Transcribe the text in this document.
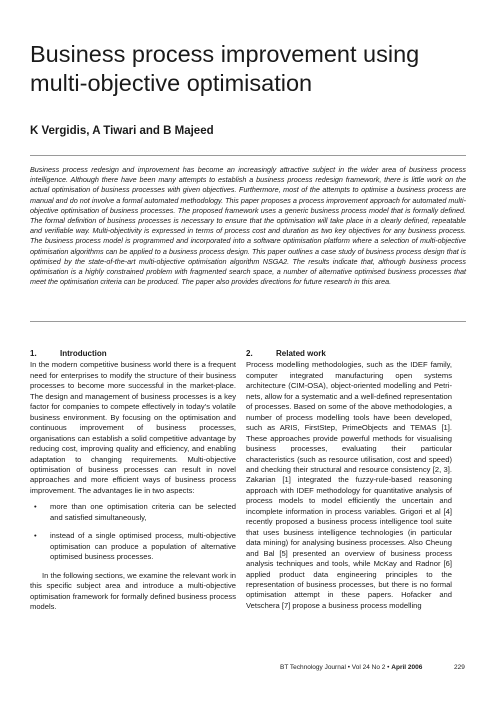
Business process improvement using multi-objective optimisation
K Vergidis, A Tiwari and B Majeed

Business process redesign and improvement has become an increasingly attractive subject in the wider area of business process intelligence. Although there have been many attempts to establish a business process redesign framework, there is little work on the actual optimisation of business processes with given objectives. Furthermore, most of the attempts to optimise a business process are manual and do not involve a formal automated methodology. This paper proposes a process improvement approach for automated multi-objective optimisation of business processes. The proposed framework uses a generic business process model that is formally defined. The formal definition of business processes is necessary to ensure that the optimisation will take place in a clearly defined, repeatable and verifiable way. Multi-objectivity is expressed in terms of process cost and duration as two key objectives for any business process. The business process model is programmed and incorporated into a software optimisation platform where a selection of multi-objective optimisation algorithms can be applied to a business process design. This paper outlines a case study of business process design that is optimised by the state-of-the-art multi-objective optimisation algorithm NSGA2. The results indicate that, although business process optimisation is a highly constrained problem with fragmented search space, a number of alternative optimised business processes that meet the optimisation criteria can be produced. The paper also provides directions for future research in this area.

1.	Introduction

In the modern competitive business world there is a frequent need for enterprises to modify the structure of their business processes to become more successful in the market-place. The design and management of business processes is a key factor for companies to compete effectively in today’s volatile business environment. By focusing on the optimisation and continuous improvement of business processes, organisations can establish a solid competitive advantage by reducing cost, improving quality and efficiency, and enabling adaptation to changing requirements. Multi-objective optimisation of business processes can result in novel approaches and more efficient ways of business process improvement. The advantages lie in two aspects:

• more than one optimisation criteria can be selected and satisfied simultaneously,
• instead of a single optimised process, multi-objective optimisation can produce a population of alternative optimised business processes.

In the following sections, we examine the relevant work in this specific subject area and introduce a multi-objective optimisation framework for formally defined business process models.

2.	Related work

Process modelling methodologies, such as the IDEF family, computer integrated manufacturing open systems architecture (CIM-OSA), object-oriented modelling and Petri-nets, allow for a systematic and a well-defined representation of processes. Based on some of the above methodologies, a number of process modelling tools have been developed, such as ARIS, FirstStep, PrimeObjects and TEMAS [1]. These approaches provide powerful methods for visualising business processes, evaluating their particular characteristics (such as resource utilisation, cost and speed) and checking their structural and resource consistency [2, 3]. Zakarian [1] integrated the fuzzy-rule-based reasoning approach with IDEF methodology for quantitative analysis of process models to model efficiently the uncertain and incomplete information in process variables. Grigori et al [4] recently proposed a business process intelligence tool suite that uses business intelligence technologies (in particular data mining) for analysing business processes. Also Cheung and Bal [5] presented an overview of business process analysis techniques and tools, while McKay and Radnor [6] applied product data engineering principles to the representation of business processes, but there is no formal optimisation attempt in these papers. Hofacker and Vetschera [7] propose a business process modelling

BT Technology Journal • Vol 24 No 2 • April 2006	229
